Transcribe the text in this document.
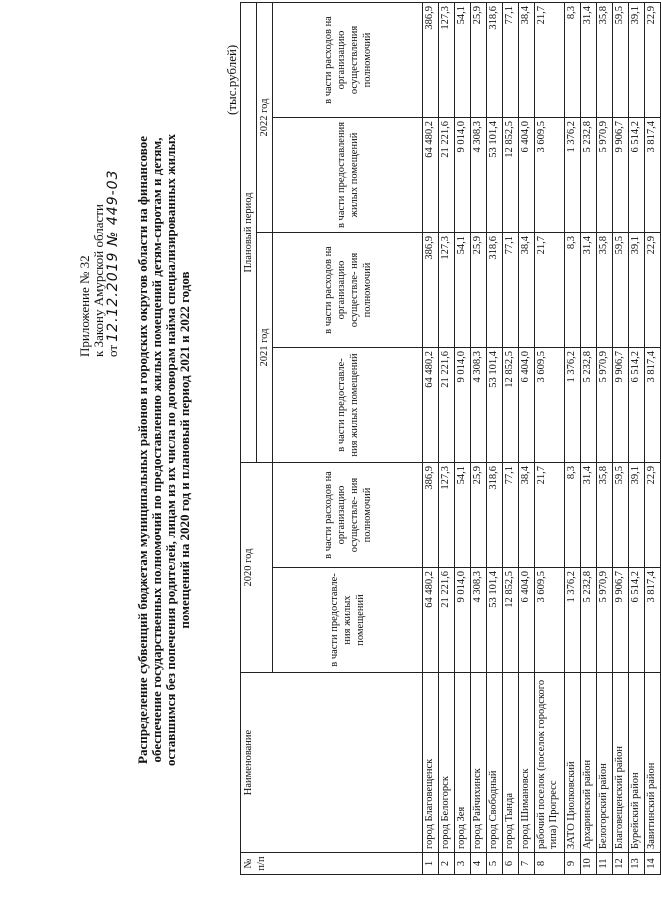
Приложение № 32 к Закону Амурской области от 12.12.2019 № 449-03 Распределение субвенций бюджетам муниципальных районов и городских округов области на финансовое обеспечение государственных полномочий по предоставлению жилых помещений детям-сиротам и детям, оставшимся без попечения родителей, лицам из их числа по договорам найма специализированных жилых помещений на 2020 год и плановый период 2021 и 2022 годов
(тыс.рублей)
№ п/п	Наименование	2020 год		Плановый период			
				2021 год		2022 год	
		в части предоставле- ния жилых помещений	в части расходов на организацию осуществле- ния полномочий	в части предоставле- ния жилых помещений	в части расходов на организацию осуществле- ния полномочий	в части предоставления жилых помещений	в части расходов на организацию осуществления полномочий
1	город Благовещенск	64 480,2	386,9	64 480,2	386,9	64 480,2	386,9
2	город Белогорск	21 221,6	127,3	21 221,6	127,3	21 221,6	127,3
3	город Зея	9 014,0	54,1	9 014,0	54,1	9 014,0	54,1
4	город Райчихинск	4 308,3	25,9	4 308,3	25,9	4 308,3	25,9
5	город Свободный	53 101,4	318,6	53 101,4	318,6	53 101,4	318,6
6	город Тында	12 852,5	77,1	12 852,5	77,1	12 852,5	77,1
7	город Шимановск	6 404,0	38,4	6 404,0	38,4	6 404,0	38,4
8	рабочий поселок (поселок городского типа) Прогресс	3 609,5	21,7	3 609,5	21,7	3 609,5	21,7
9	ЗАТО Циолковский	1 376,2	8,3	1 376,2	8,3	1 376,2	8,3
10	Архаринский район	5 232,8	31,4	5 232,8	31,4	5 232,8	31,4
11	Белогорский район	5 970,9	35,8	5 970,9	35,8	5 970,9	35,8
12	Благовещенский район	9 906,7	59,5	9 906,7	59,5	9 906,7	59,5
13	Бурейский район	6 514,2	39,1	6 514,2	39,1	6 514,2	39,1
14	Завитинский район	3 817,4	22,9	3 817,4	22,9	3 817,4	22,9
